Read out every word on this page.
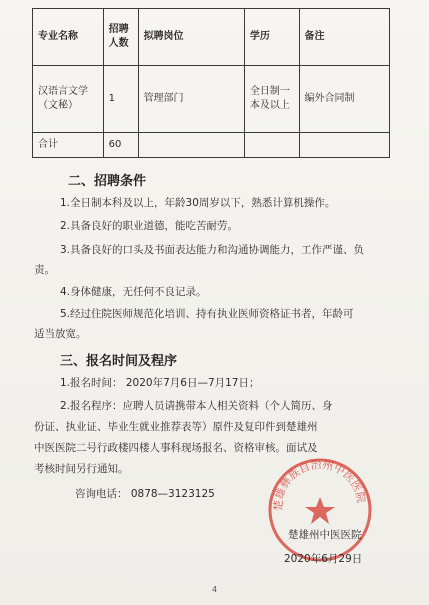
专业名称	招聘人数	拟聘岗位	学历	备注
汉语言文学（文秘）	1	管理部门	全日制一本及以上	编外合同制
合计	60			
二、招聘条件
1.全日制本科及以上，年龄30周岁以下，熟悉计算机操作。
2.具备良好的职业道德，能吃苦耐劳。
3.具备良好的口头及书面表达能力和沟通协调能力，工作严谨、负
责。
4.身体健康，无任何不良记录。
5.经过住院医师规范化培训、持有执业医师资格证书者，年龄可
适当放宽。
三、报名时间及程序
1.报名时间： 2020年7月6日—7月17日；
2.报名程序：应聘人员请携带本人相关资料（个人简历、身
份证、执业证、毕业生就业推荐表等）原件及复印件到楚雄州
中医医院二号行政楼四楼人事科现场报名、资格审核。面试及
考核时间另行通知。
咨询电话： 0878—3123125
楚雄彝族自治州中医医院
楚雄州中医医院
2020年6月29日
4
